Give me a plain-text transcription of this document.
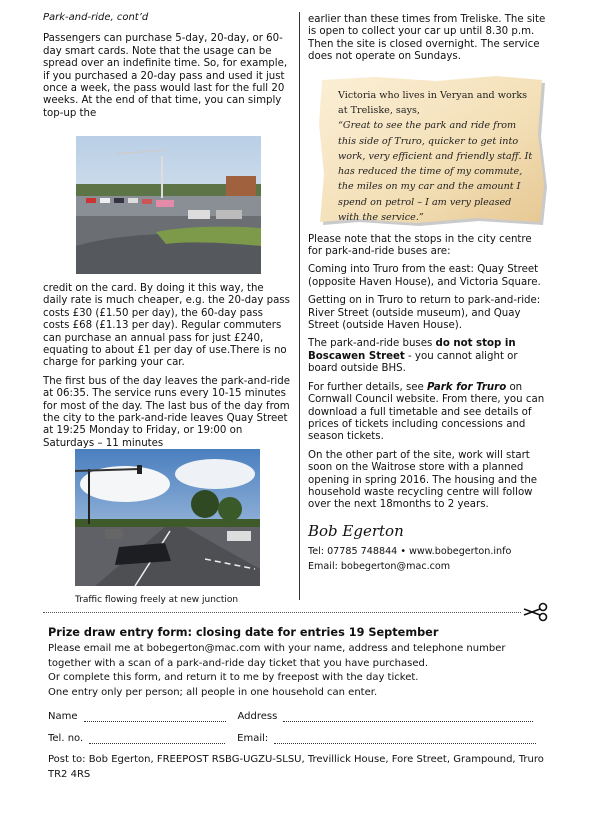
Park-and-ride, cont’d

Passengers can purchase 5-day, 20-day, or 60-day smart cards. Note that the usage can be spread over an indefinite time. So, for example, if you purchased a 20-day pass and used it just once a week, the pass would last for the full 20 weeks. At the end of that time, you can simply top-up the

credit on the card. By doing it this way, the daily rate is much cheaper, e.g. the 20-day pass costs £30 (£1.50 per day), the 60-day pass costs £68 (£1.13 per day). Regular commuters can purchase an annual pass for just £240, equating to about £1 per day of use.There is no charge for parking your car.

The first bus of the day leaves the park-and-ride at 06:35. The service runs every 10-15 minutes for most of the day. The last bus of the day from the city to the park-and-ride leaves Quay Street at 19:25 Monday to Friday, or 19:00 on Saturdays – 11 minutes

Traffic flowing freely at new junction

earlier than these times from Treliske. The site is open to collect your car up until 8.30 p.m. Then the site is closed overnight. The service does not operate on Sundays.

Victoria who lives in Veryan and works at Treliske, says,
“Great to see the park and ride from this side of Truro, quicker to get into work, very efficient and friendly staff. It has reduced the time of my commute, the miles on my car and the amount I spend on petrol – I am very pleased with the service.”

Please note that the stops in the city centre for park-and-ride buses are:

Coming into Truro from the east: Quay Street (opposite Haven House), and Victoria Square.

Getting on in Truro to return to park-and-ride: River Street (outside museum), and Quay Street (outside Haven House).

The park-and-ride buses do not stop in Boscawen Street - you cannot alight or board outside BHS.

For further details, see Park for Truro on Cornwall Council website. From there, you can download a full timetable and see details of prices of tickets including concessions and season tickets.

On the other part of the site, work will start soon on the Waitrose store with a planned opening in spring 2016. The housing and the household waste recycling centre will follow over the next 18months to 2 years.

Bob Egerton
Tel: 07785 748844 • www.bobegerton.info
Email: bobegerton@mac.com
Prize draw entry form: closing date for entries 19 September

Please email me at bobegerton@mac.com with your name, address and telephone number together with a scan of a park-and-ride day ticket that you have purchased.

Or complete this form, and return it to me by freepost with the day ticket.

One entry only per person; all people in one household can enter.

Name	Address
Tel. no.	Email:

Post to: Bob Egerton, FREEPOST RSBG-UGZU-SLSU, Trevillick House, Fore Street, Grampound, Truro TR2 4RS
